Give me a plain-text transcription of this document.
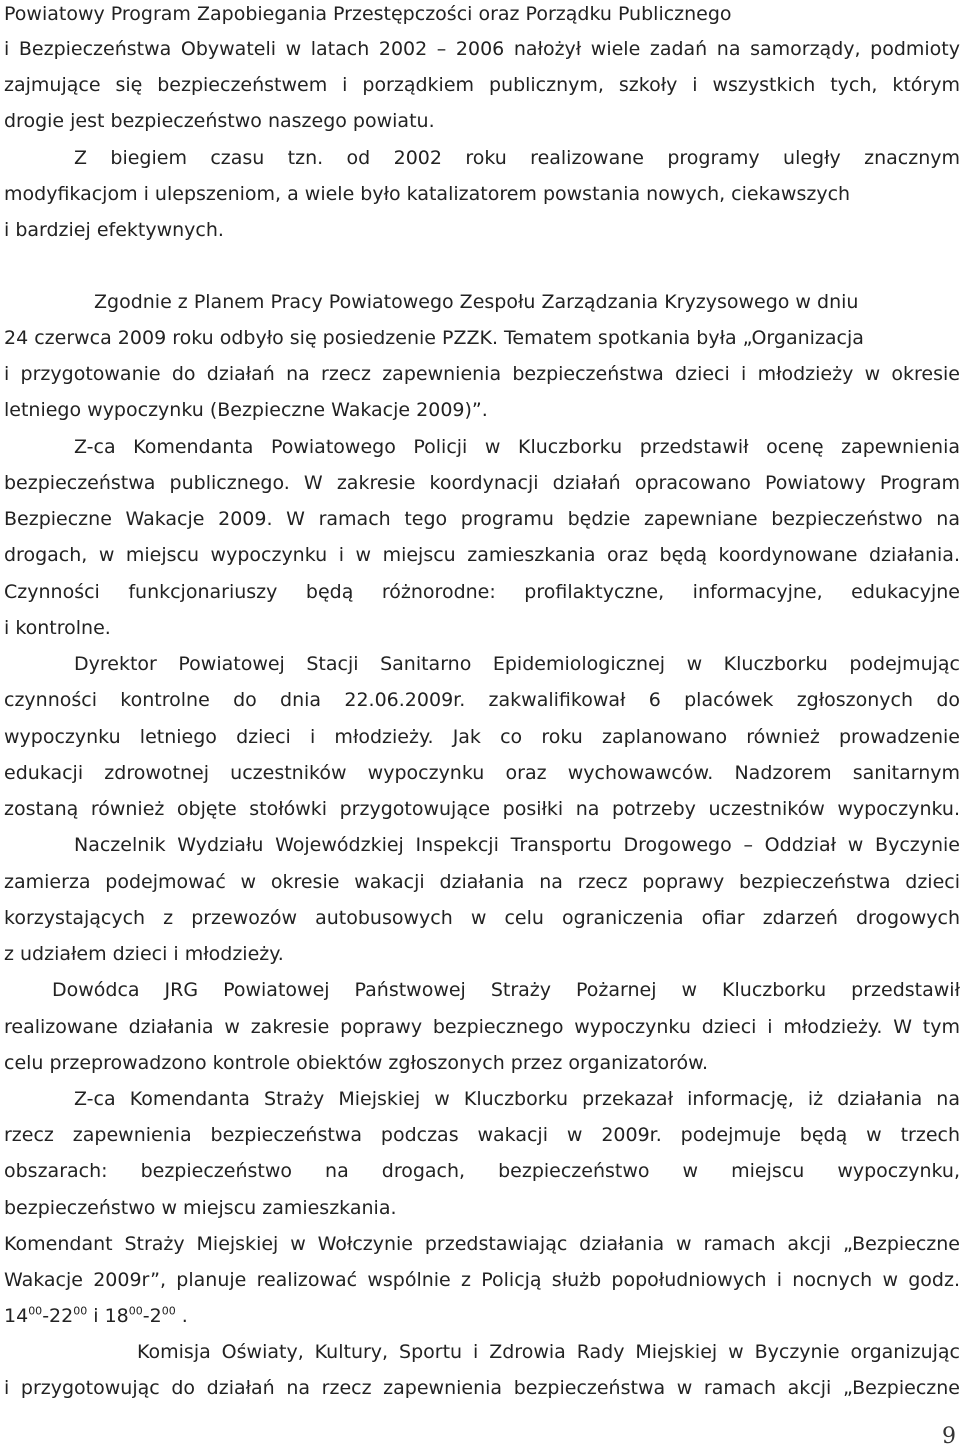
Powiatowy Program Zapobiegania Przestępczości oraz Porządku Publicznego
i Bezpieczeństwa Obywateli w latach 2002 – 2006 nałożył wiele zadań na samorządy, podmioty
zajmujące się bezpieczeństwem i porządkiem publicznym, szkoły i wszystkich tych, którym
drogie jest bezpieczeństwo naszego powiatu.
Z biegiem czasu tzn. od 2002 roku realizowane programy uległy znacznym
modyfikacjom i ulepszeniom, a wiele było katalizatorem powstania nowych, ciekawszych
i bardziej efektywnych.
Zgodnie z Planem Pracy Powiatowego Zespołu Zarządzania Kryzysowego w dniu
24 czerwca 2009 roku odbyło się posiedzenie PZZK. Tematem spotkania była „Organizacja
i przygotowanie do działań na rzecz zapewnienia bezpieczeństwa dzieci i młodzieży w okresie
letniego wypoczynku (Bezpieczne Wakacje 2009)”.
Z-ca Komendanta Powiatowego Policji w Kluczborku przedstawił ocenę zapewnienia
bezpieczeństwa publicznego. W zakresie koordynacji działań opracowano Powiatowy Program
Bezpieczne Wakacje 2009. W ramach tego programu będzie zapewniane bezpieczeństwo na
drogach, w miejscu wypoczynku i w miejscu zamieszkania oraz będą koordynowane działania.
Czynności funkcjonariuszy będą różnorodne: profilaktyczne, informacyjne, edukacyjne
i kontrolne.
Dyrektor Powiatowej Stacji Sanitarno Epidemiologicznej w Kluczborku podejmując
czynności kontrolne do dnia 22.06.2009r. zakwalifikował 6 placówek zgłoszonych do
wypoczynku letniego dzieci i młodzieży. Jak co roku zaplanowano również prowadzenie
edukacji zdrowotnej uczestników wypoczynku oraz wychowawców. Nadzorem sanitarnym
zostaną również objęte stołówki przygotowujące posiłki na potrzeby uczestników wypoczynku.
Naczelnik Wydziału Wojewódzkiej Inspekcji Transportu Drogowego – Oddział w Byczynie
zamierza podejmować w okresie wakacji działania na rzecz poprawy bezpieczeństwa dzieci
korzystających z przewozów autobusowych w celu ograniczenia ofiar zdarzeń drogowych
z udziałem dzieci i młodzieży.
Dowódca JRG Powiatowej Państwowej Straży Pożarnej w Kluczborku przedstawił
realizowane działania w zakresie poprawy bezpiecznego wypoczynku dzieci i młodzieży. W tym
celu przeprowadzono kontrole obiektów zgłoszonych przez organizatorów.
Z-ca Komendanta Straży Miejskiej w Kluczborku przekazał informację, iż działania na
rzecz zapewnienia bezpieczeństwa podczas wakacji w 2009r. podejmuje będą w trzech
obszarach: bezpieczeństwo na drogach, bezpieczeństwo w miejscu wypoczynku,
bezpieczeństwo w miejscu zamieszkania.
Komendant Straży Miejskiej w Wołczynie przedstawiając działania w ramach akcji „Bezpieczne
Wakacje 2009r”, planuje realizować wspólnie z Policją służb popołudniowych i nocnych w godz.
$14^{00}-22^{00}$ i $18^{00}-2^{00}$ .
Komisja Oświaty, Kultury, Sportu i Zdrowia Rady Miejskiej w Byczynie organizując
i przygotowując do działań na rzecz zapewnienia bezpieczeństwa w ramach akcji „Bezpieczne
9
